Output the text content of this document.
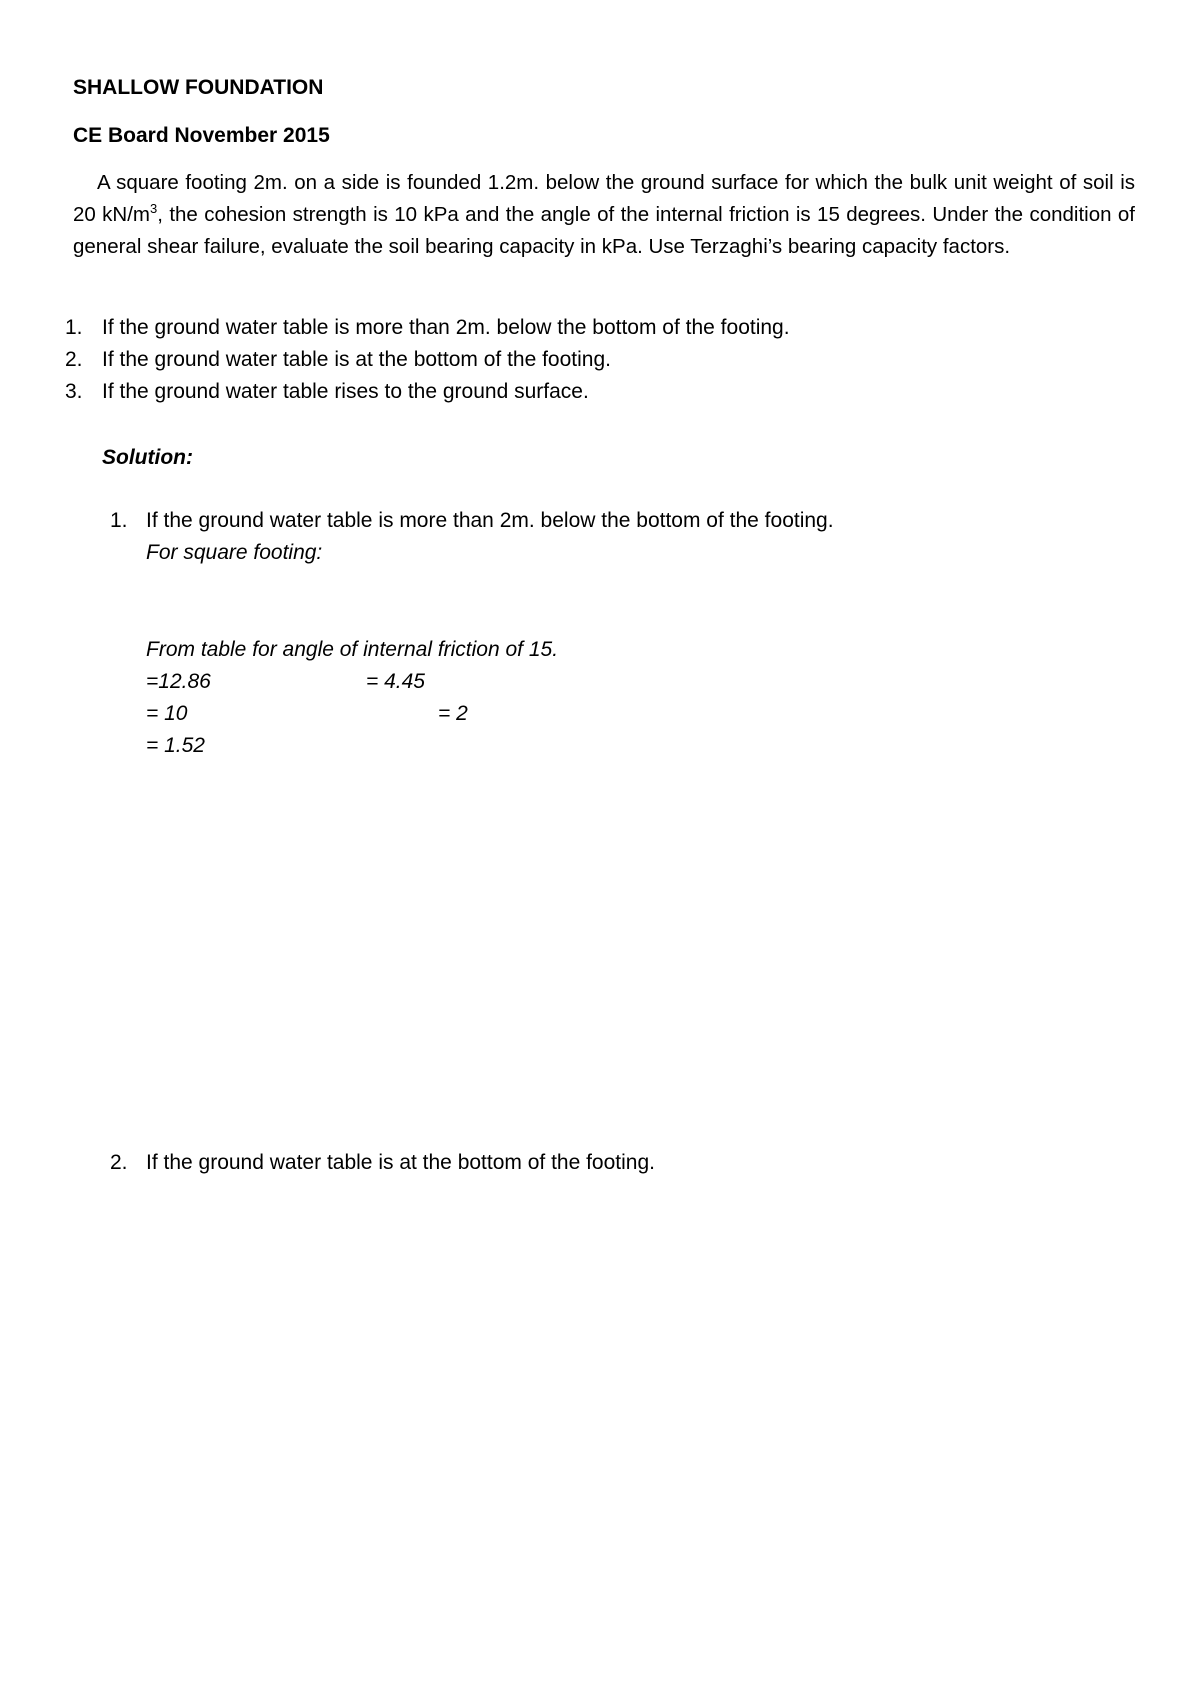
SHALLOW FOUNDATION
CE Board November 2015
A square footing 2m. on a side is founded 1.2m. below the ground surface for which the bulk unit weight of soil is 20 $kN/m^3$, the cohesion strength is 10 kPa and the angle of the internal friction is 15 degrees. Under the condition of general shear failure, evaluate the soil bearing capacity in kPa. Use Terzaghi’s bearing capacity factors.
1. If the ground water table is more than 2m. below the bottom of the footing.
2. If the ground water table is at the bottom of the footing.
3. If the ground water table rises to the ground surface.
Solution:
1. If the ground water table is more than 2m. below the bottom of the footing.
For square footing:
From table for angle of internal friction of 15.
=12.86	= 4.45
= 10	= 2
= 1.52
2. If the ground water table is at the bottom of the footing.
